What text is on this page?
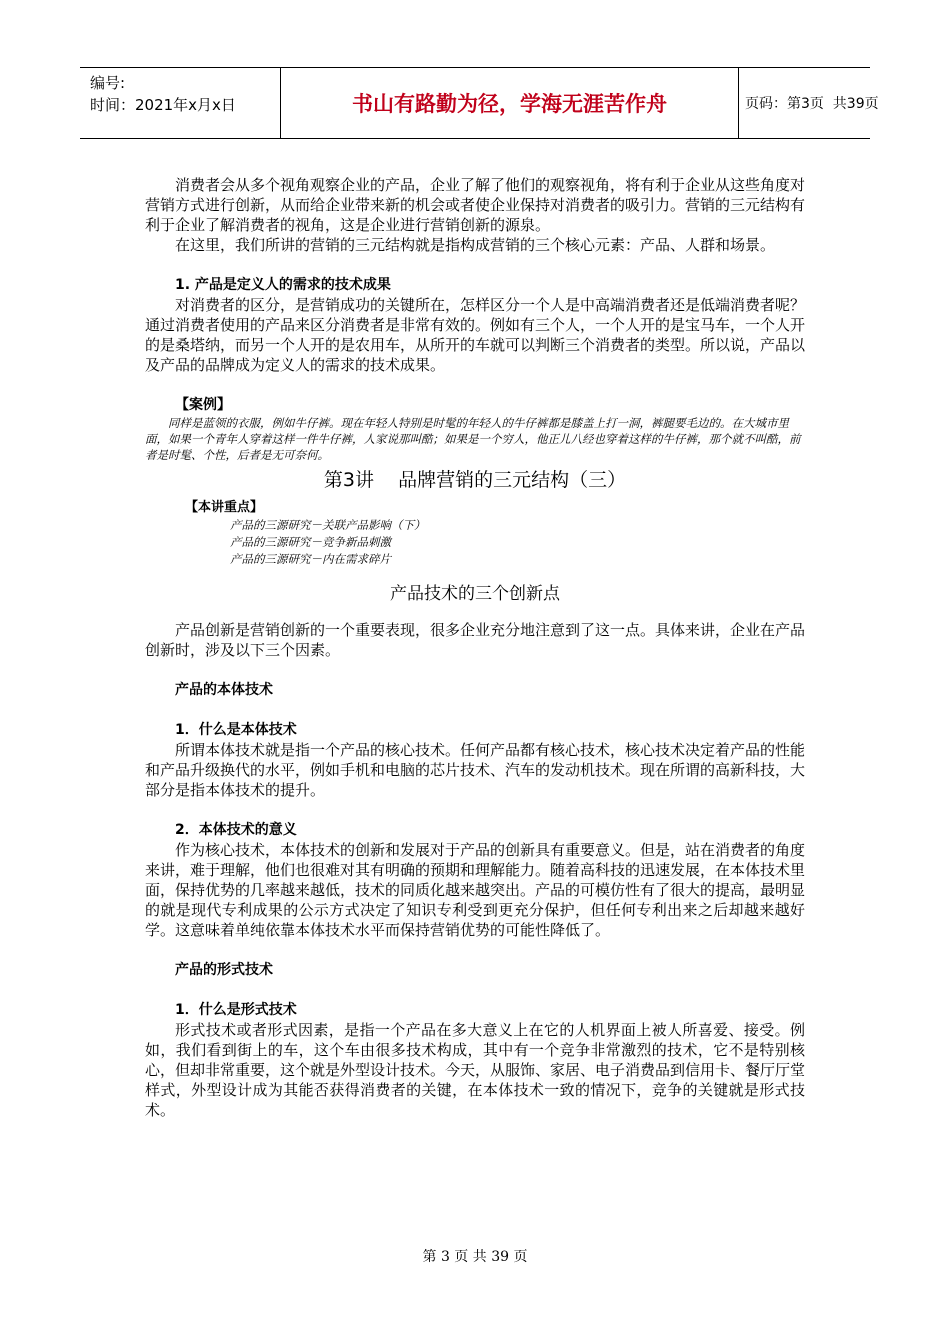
编号:
时间：2021年x月x日	书山有路勤为径，学海无涯苦作舟	页码：第3页  共39页

消费者会从多个视角观察企业的产品，企业了解了他们的观察视角，将有利于企业从这些角度对营销方式进行创新，从而给企业带来新的机会或者使企业保持对消费者的吸引力。营销的三元结构有利于企业了解消费者的视角，这是企业进行营销创新的源泉。

在这里，我们所讲的营销的三元结构就是指构成营销的三个核心元素：产品、人群和场景。

1. 产品是定义人的需求的技术成果

对消费者的区分，是营销成功的关键所在，怎样区分一个人是中高端消费者还是低端消费者呢？通过消费者使用的产品来区分消费者是非常有效的。例如有三个人，一个人开的是宝马车，一个人开的是桑塔纳，而另一个人开的是农用车，从所开的车就可以判断三个消费者的类型。所以说，产品以及产品的品牌成为定义人的需求的技术成果。

【案例】

同样是蓝领的衣服，例如牛仔裤。现在年轻人特别是时髦的年轻人的牛仔裤都是膝盖上打一洞，裤腿要毛边的。在大城市里面，如果一个青年人穿着这样一件牛仔裤，人家说那叫酷；如果是一个穷人，他正儿八经也穿着这样的牛仔裤，那个就不叫酷，前者是时髦、个性，后者是无可奈何。

第3讲    品牌营销的三元结构（三）

【本讲重点】

产品的三源研究－关联产品影响（下）
产品的三源研究－竞争新品刺激
产品的三源研究－内在需求碎片

产品技术的三个创新点

产品创新是营销创新的一个重要表现，很多企业充分地注意到了这一点。具体来讲，企业在产品创新时，涉及以下三个因素。

产品的本体技术

1．什么是本体技术

所谓本体技术就是指一个产品的核心技术。任何产品都有核心技术，核心技术决定着产品的性能和产品升级换代的水平，例如手机和电脑的芯片技术、汽车的发动机技术。现在所谓的高新科技，大部分是指本体技术的提升。

2．本体技术的意义

作为核心技术，本体技术的创新和发展对于产品的创新具有重要意义。但是，站在消费者的角度来讲，难于理解，他们也很难对其有明确的预期和理解能力。随着高科技的迅速发展，在本体技术里面，保持优势的几率越来越低，技术的同质化越来越突出。产品的可模仿性有了很大的提高，最明显的就是现代专利成果的公示方式决定了知识专利受到更充分保护，但任何专利出来之后却越来越好学。这意味着单纯依靠本体技术水平而保持营销优势的可能性降低了。

产品的形式技术

1．什么是形式技术

形式技术或者形式因素，是指一个产品在多大意义上在它的人机界面上被人所喜爱、接受。例如，我们看到街上的车，这个车由很多技术构成，其中有一个竞争非常激烈的技术，它不是特别核心，但却非常重要，这个就是外型设计技术。今天，从服饰、家居、电子消费品到信用卡、餐厅厅堂样式，外型设计成为其能否获得消费者的关键，在本体技术一致的情况下，竞争的关键就是形式技术。

第 3 页 共 39 页
